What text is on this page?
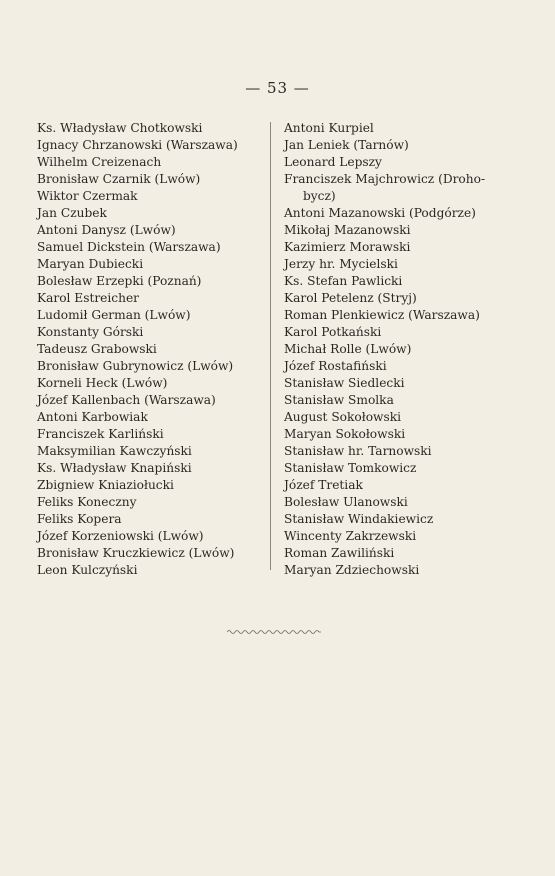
— 53 —
Ks. Władysław Chotkowski
Ignacy Chrzanowski (Warszawa)
Wilhelm Creizenach
Bronisław Czarnik (Lwów)
Wiktor Czermak
Jan Czubek
Antoni Danysz (Lwów)
Samuel Dickstein (Warszawa)
Maryan Dubiecki
Bolesław Erzepki (Poznań)
Karol Estreicher
Ludomił German (Lwów)
Konstanty Górski
Tadeusz Grabowski
Bronisław Gubrynowicz (Lwów)
Korneli Heck (Lwów)
Józef Kallenbach (Warszawa)
Antoni Karbowiak
Franciszek Karliński
Maksymilian Kawczyński
Ks. Władysław Knapiński
Zbigniew Kniaziołucki
Feliks Koneczny
Feliks Kopera
Józef Korzeniowski (Lwów)
Bronisław Kruczkiewicz (Lwów)
Leon Kulczyński
Antoni Kurpiel
Jan Leniek (Tarnów)
Leonard Lepszy
Franciszek Majchrowicz (Droho-
bycz)
Antoni Mazanowski (Podgórze)
Mikołaj Mazanowski
Kazimierz Morawski
Jerzy hr. Mycielski
Ks. Stefan Pawlicki
Karol Petelenz (Stryj)
Roman Plenkiewicz (Warszawa)
Karol Potkański
Michał Rolle (Lwów)
Józef Rostafiński
Stanisław Siedlecki
Stanisław Smolka
August Sokołowski
Maryan Sokołowski
Stanisław hr. Tarnowski
Stanisław Tomkowicz
Józef Tretiak
Bolesław Ulanowski
Stanisław Windakiewicz
Wincenty Zakrzewski
Roman Zawiliński
Maryan Zdziechowski
